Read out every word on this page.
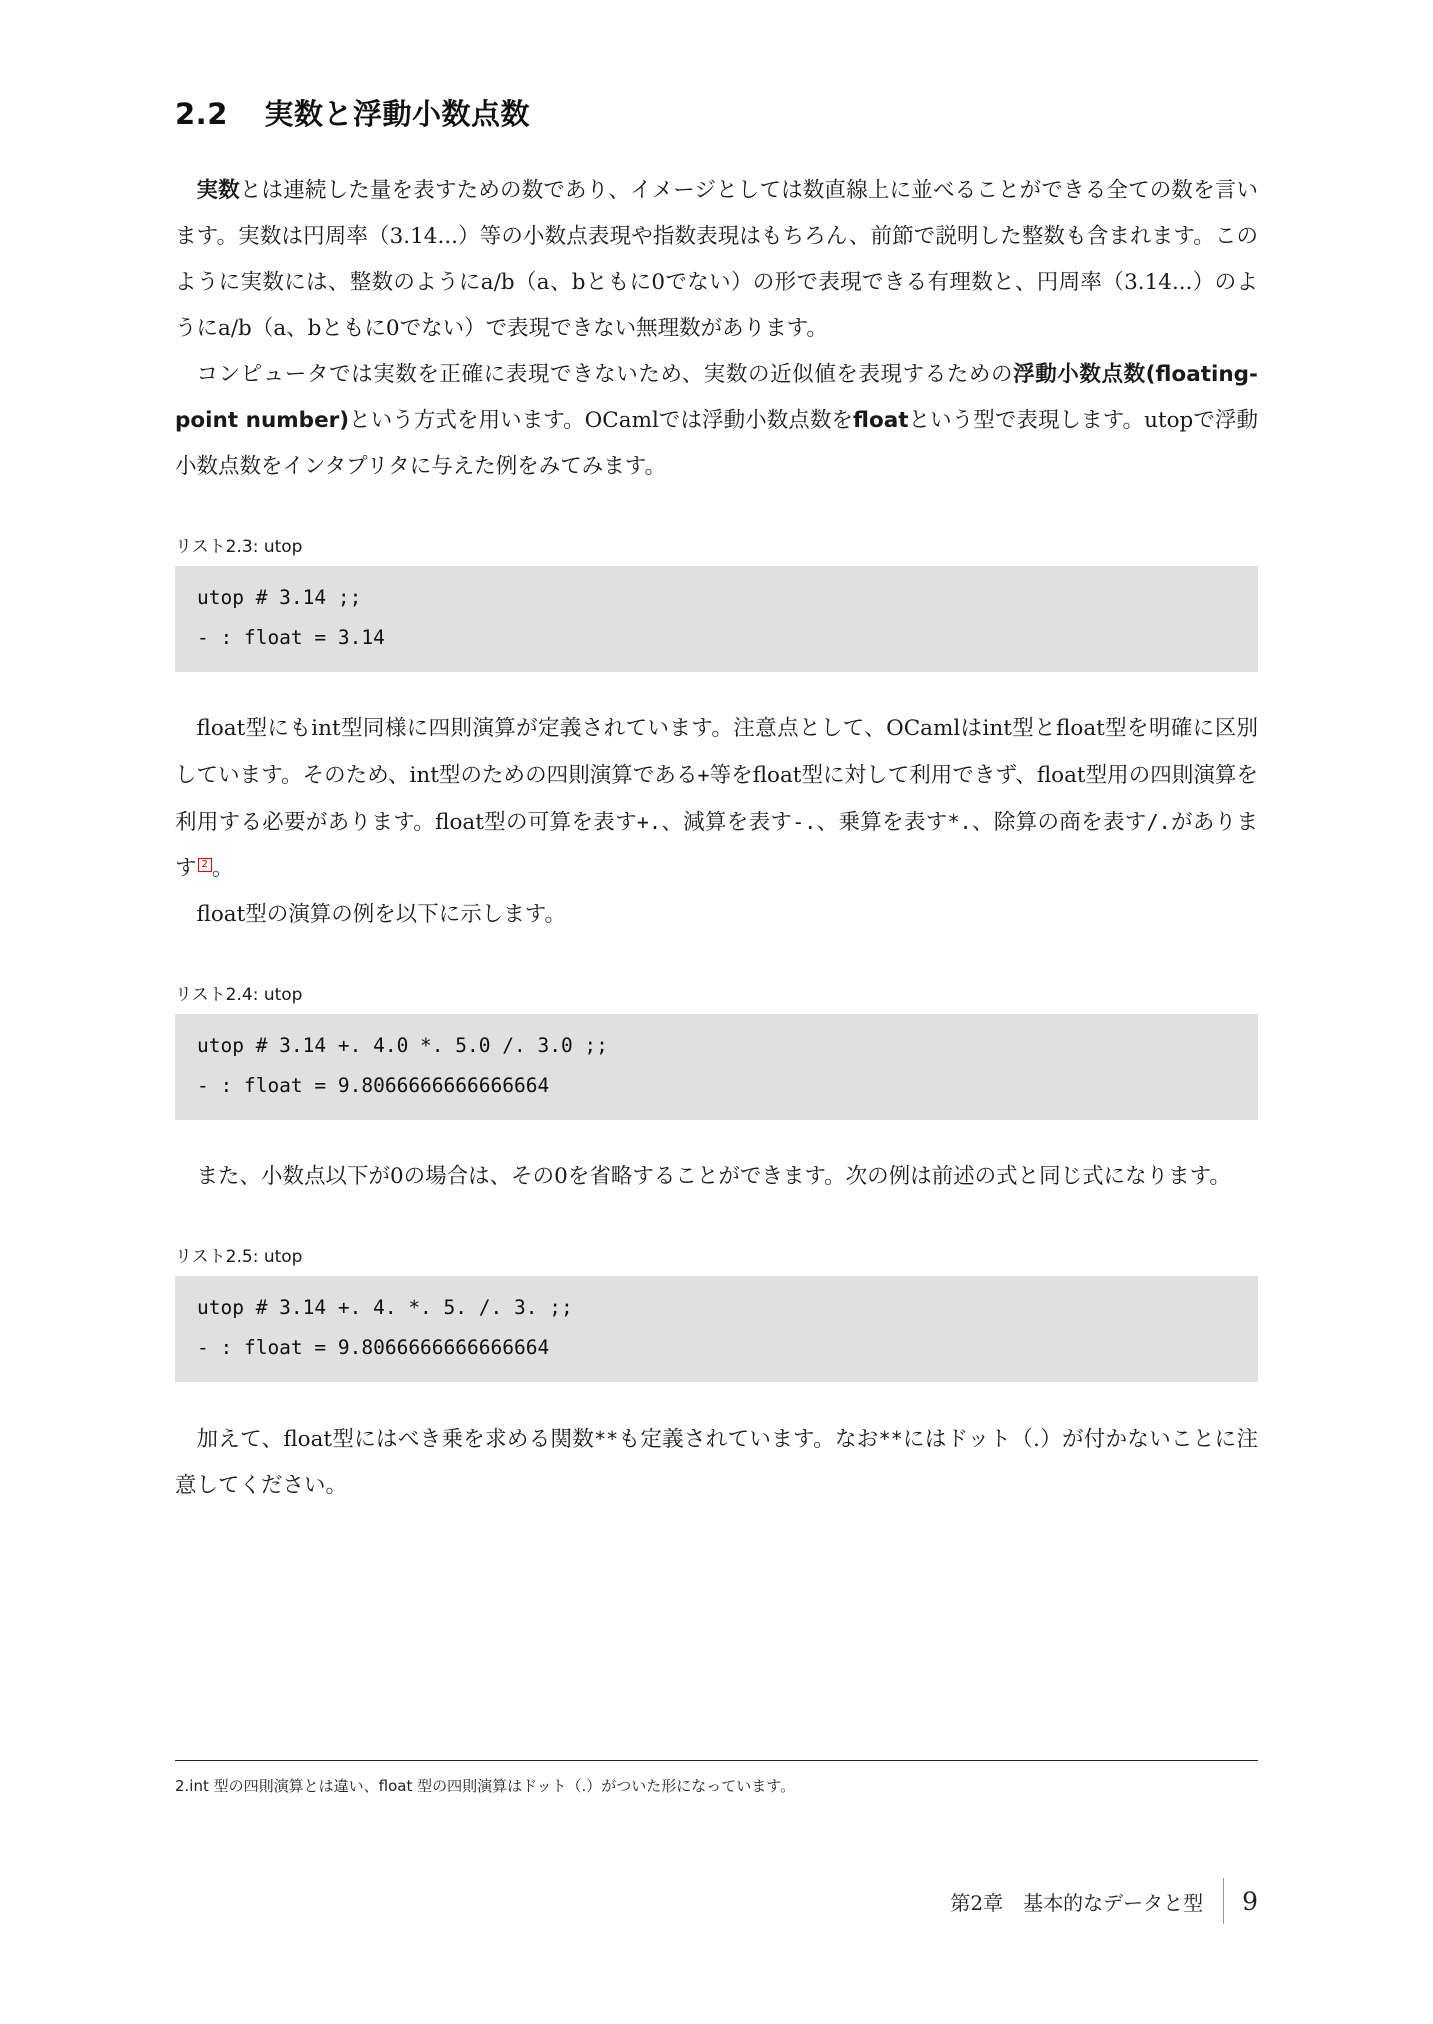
2.2 実数と浮動小数点数

実数とは連続した量を表すための数であり、イメージとしては数直線上に並べることができる全ての数を言います。実数は円周率（3.14...）等の小数点表現や指数表現はもちろん、前節で説明した整数も含まれます。このように実数には、整数のようにa/b（a、bともに0でない）の形で表現できる有理数と、円周率（3.14...）のようにa/b（a、bともに0でない）で表現できない無理数があります。

コンピュータでは実数を正確に表現できないため、実数の近似値を表現するための浮動小数点数(floating-point number)という方式を用います。OCamlでは浮動小数点数をfloatという型で表現します。utopで浮動小数点数をインタプリタに与えた例をみてみます。

リスト2.3: utop

utop # 3.14 ;;
- : float = 3.14

float型にもint型同様に四則演算が定義されています。注意点として、OCamlはint型とfloat型を明確に区別しています。そのため、int型のための四則演算である+等をfloat型に対して利用できず、float型用の四則演算を利用する必要があります。float型の可算を表す+.、減算を表す-.、乗算を表す*.、除算の商を表す/.があります 2 。

float型の演算の例を以下に示します。

リスト2.4: utop

utop # 3.14 +. 4.0 *. 5.0 /. 3.0 ;;
- : float = 9.8066666666666664

また、小数点以下が0の場合は、その0を省略することができます。次の例は前述の式と同じ式になります。

リスト2.5: utop

utop # 3.14 +. 4. *. 5. /. 3. ;;
- : float = 9.8066666666666664

加えて、float型にはべき乗を求める関数**も定義されています。なお**にはドット（.）が付かないことに注意してください。

2.int 型の四則演算とは違い、float 型の四則演算はドット（.）がついた形になっています。

第2章　基本的なデータと型 9
